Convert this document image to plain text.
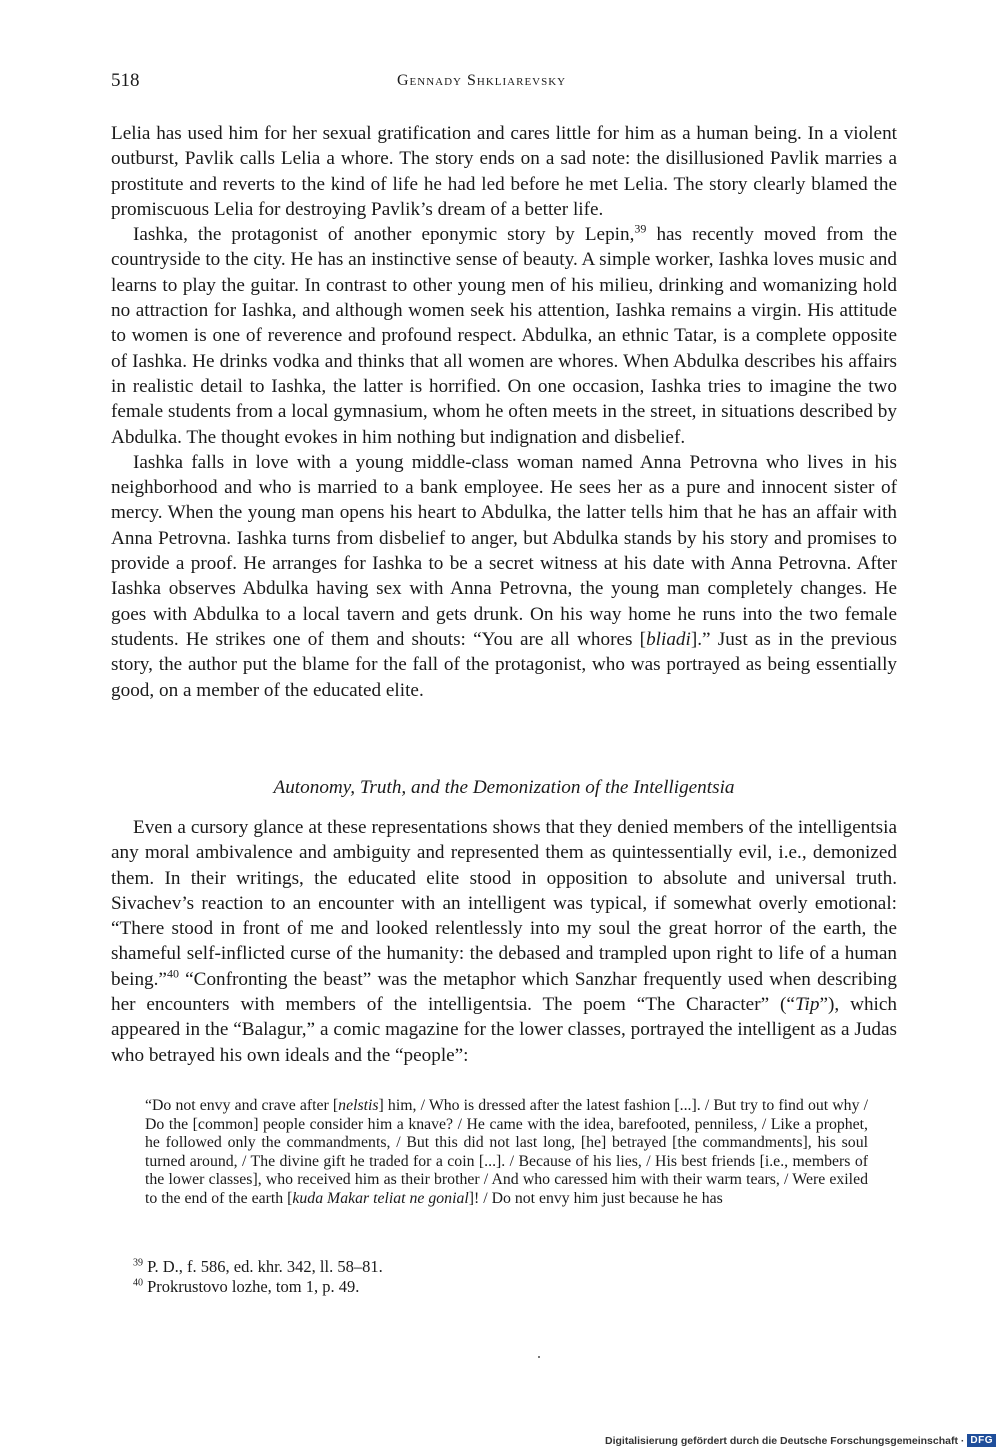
518	Gennady Shkliarevsky

Lelia has used him for her sexual gratification and cares little for him as a human being. In a violent outburst, Pavlik calls Lelia a whore. The story ends on a sad note: the disillusioned Pavlik marries a prostitute and reverts to the kind of life he had led before he met Lelia. The story clearly blamed the promiscuous Lelia for destroying Pavlik’s dream of a better life.

Iashka, the protagonist of another eponymic story by Lepin,$^{39}$ has recently moved from the countryside to the city. He has an instinctive sense of beauty. A simple worker, Iashka loves music and learns to play the guitar. In contrast to other young men of his milieu, drinking and womanizing hold no attraction for Iashka, and although women seek his attention, Iashka remains a virgin. His attitude to women is one of reverence and profound respect. Abdulka, an ethnic Tatar, is a complete opposite of Iashka. He drinks vodka and thinks that all women are whores. When Abdulka describes his affairs in realistic detail to Iashka, the latter is horrified. On one occasion, Iashka tries to imagine the two female students from a local gymnasium, whom he often meets in the street, in situations described by Abdulka. The thought evokes in him nothing but indignation and disbelief.

Iashka falls in love with a young middle-class woman named Anna Petrovna who lives in his neighborhood and who is married to a bank employee. He sees her as a pure and innocent sister of mercy. When the young man opens his heart to Abdulka, the latter tells him that he has an affair with Anna Petrovna. Iashka turns from disbelief to anger, but Abdulka stands by his story and promises to provide a proof. He arranges for Iashka to be a secret witness at his date with Anna Petrovna. After Iashka observes Abdulka having sex with Anna Petrovna, the young man completely changes. He goes with Abdulka to a local tavern and gets drunk. On his way home he runs into the two female students. He strikes one of them and shouts: “You are all whores [bliadi].” Just as in the previous story, the author put the blame for the fall of the protagonist, who was portrayed as being essentially good, on a member of the educated elite.

Autonomy, Truth, and the Demonization of the Intelligentsia

Even a cursory glance at these representations shows that they denied members of the intelligentsia any moral ambivalence and ambiguity and represented them as quintessentially evil, i.e., demonized them. In their writings, the educated elite stood in opposition to absolute and universal truth. Sivachev’s reaction to an encounter with an intelligent was typical, if somewhat overly emotional: “There stood in front of me and looked relentlessly into my soul the great horror of the earth, the shameful self-inflicted curse of the humanity: the debased and trampled upon right to life of a human being.”$^{40}$ “Confronting the beast” was the metaphor which Sanzhar frequently used when describing her encounters with members of the intelligentsia. The poem “The Character” (“Tip”), which appeared in the “Balagur,” a comic magazine for the lower classes, portrayed the intelligent as a Judas who betrayed his own ideals and the “people”:

“Do not envy and crave after [nelstis] him, / Who is dressed after the latest fashion [...]. / But try to find out why / Do the [common] people consider him a knave? / He came with the idea, barefooted, penniless, / Like a prophet, he followed only the commandments, / But this did not last long, [he] betrayed [the commandments], his soul turned around, / The divine gift he traded for a coin [...]. / Because of his lies, / His best friends [i.e., members of the lower classes], who received him as their brother / And who caressed him with their warm tears, / Were exiled to the end of the earth [kuda Makar teliat ne gonial]! / Do not envy him just because he has
$^{39}$ P. D., f. 586, ed. khr. 342, ll. 58–81.
$^{40}$ Prokrustovo lozhe, tom 1, p. 49.
Digitalisierung gefördert durch die Deutsche Forschungsgemeinschaft · DFG
